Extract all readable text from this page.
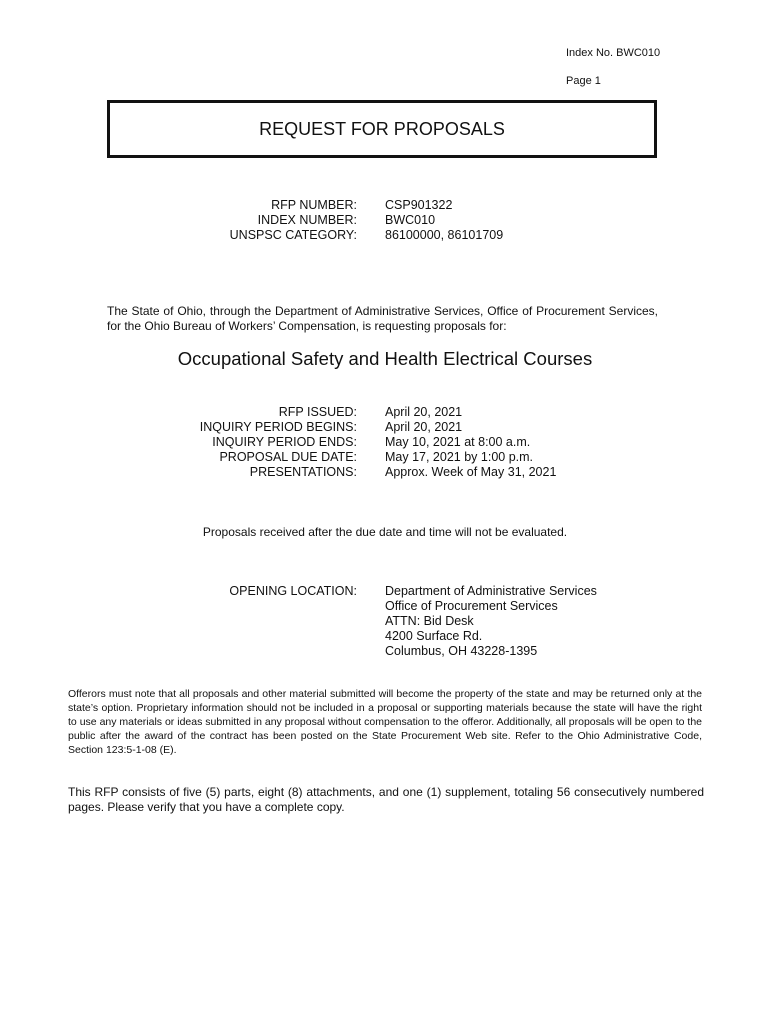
Index No. BWC010
Page 1
REQUEST FOR PROPOSALS
RFP NUMBER:	CSP901322
INDEX NUMBER:	BWC010
UNSPSC CATEGORY:	86100000, 86101709
The State of Ohio, through the Department of Administrative Services, Office of Procurement Services, for the Ohio Bureau of Workers’ Compensation, is requesting proposals for:
Occupational Safety and Health Electrical Courses
RFP ISSUED:	April 20, 2021
INQUIRY PERIOD BEGINS:	April 20, 2021
INQUIRY PERIOD ENDS:	May 10, 2021 at 8:00 a.m.
PROPOSAL DUE DATE:	May 17, 2021 by 1:00 p.m.
PRESENTATIONS:	Approx. Week of May 31, 2021
Proposals received after the due date and time will not be evaluated.
OPENING LOCATION:	Department of Administrative Services
Office of Procurement Services
ATTN: Bid Desk
4200 Surface Rd.
Columbus, OH 43228-1395
Offerors must note that all proposals and other material submitted will become the property of the state and may be returned only at the state’s option. Proprietary information should not be included in a proposal or supporting materials because the state will have the right to use any materials or ideas submitted in any proposal without compensation to the offeror. Additionally, all proposals will be open to the public after the award of the contract has been posted on the State Procurement Web site. Refer to the Ohio Administrative Code, Section 123:5-1-08 (E).
This RFP consists of five (5) parts, eight (8) attachments, and one (1) supplement, totaling 56 consecutively numbered pages. Please verify that you have a complete copy.
